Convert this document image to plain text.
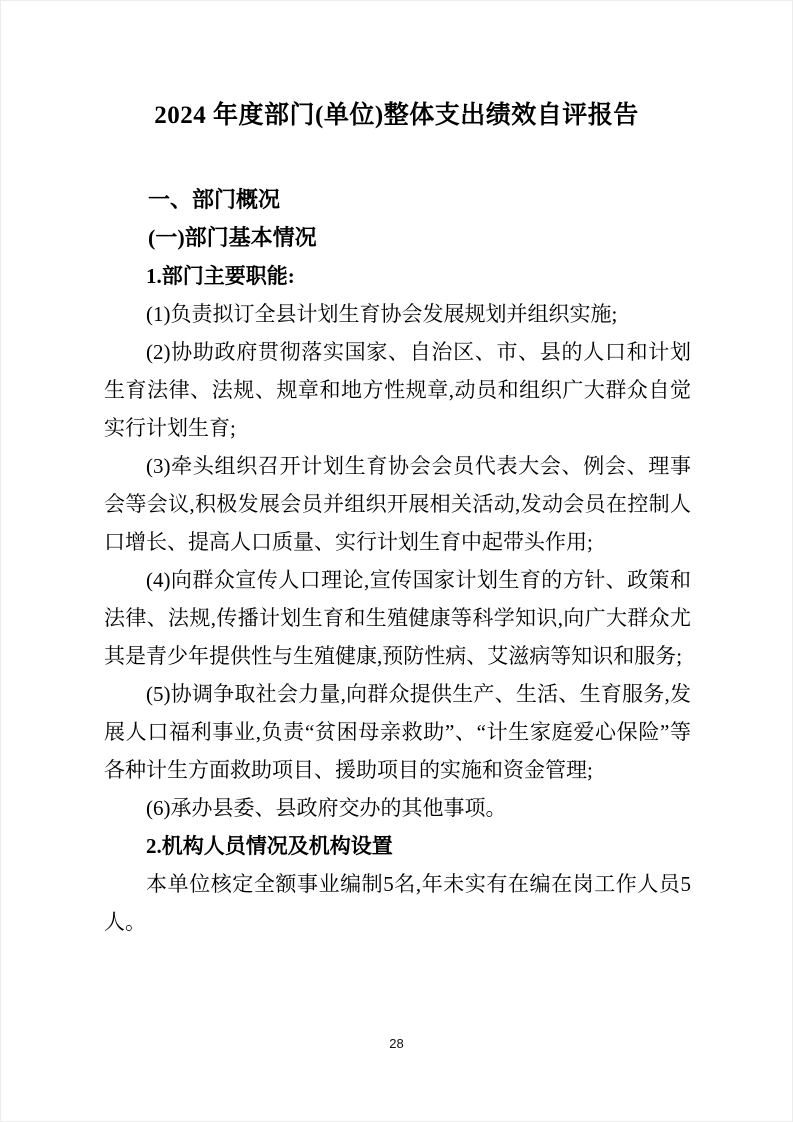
2024 年度部门(单位)整体支出绩效自评报告
一、部门概况
(一)部门基本情况
1.部门主要职能:

(1)负责拟订全县计划生育协会发展规划并组织实施;

(2)协助政府贯彻落实国家、自治区、市、县的人口和计划生育法律、法规、规章和地方性规章,动员和组织广大群众自觉实行计划生育;

(3)牵头组织召开计划生育协会会员代表大会、例会、理事会等会议,积极发展会员并组织开展相关活动,发动会员在控制人口增长、提高人口质量、实行计划生育中起带头作用;

(4)向群众宣传人口理论,宣传国家计划生育的方针、政策和法律、法规,传播计划生育和生殖健康等科学知识,向广大群众尤其是青少年提供性与生殖健康,预防性病、艾滋病等知识和服务;

(5)协调争取社会力量,向群众提供生产、生活、生育服务,发展人口福利事业,负责“贫困母亲救助”、“计生家庭爱心保险”等各种计生方面救助项目、援助项目的实施和资金管理;

(6)承办县委、县政府交办的其他事项。

2.机构人员情况及机构设置

本单位核定全额事业编制5名,年未实有在编在岗工作人员5人。

28
